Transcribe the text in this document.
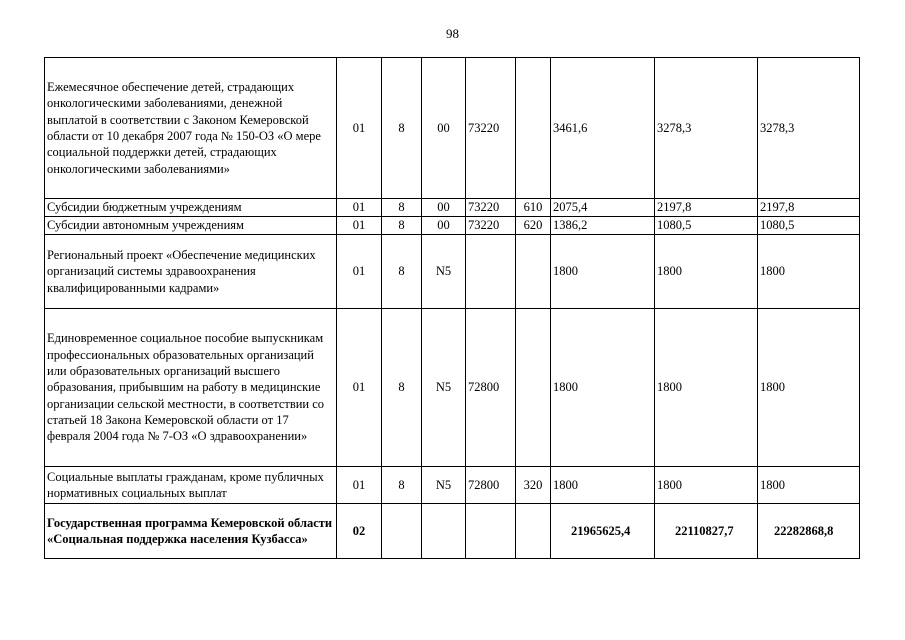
98
Ежемесячное обеспечение детей, страдающих онкологическими заболеваниями, денежной выплатой в соответствии с Законом Кемеровской области от 10 декабря 2007 года № 150-ОЗ «О мере социальной поддержки детей, страдающих онкологическими заболеваниями»	01	8	00	73220		3461,6	3278,3	3278,3
Субсидии бюджетным учреждениям	01	8	00	73220	610	2075,4	2197,8	2197,8
Субсидии автономным учреждениям	01	8	00	73220	620	1386,2	1080,5	1080,5
Региональный проект «Обеспечение медицинских организаций системы здравоохранения квалифицированными кадрами»	01	8	N5			1800	1800	1800
Единовременное социальное пособие выпускникам профессиональных образовательных организаций или образовательных организаций высшего образования, прибывшим на работу в медицинские организации сельской местности, в соответствии со статьей 18 Закона Кемеровской области от 17 февраля 2004 года № 7-ОЗ «О здравоохранении»	01	8	N5	72800		1800	1800	1800
Социальные выплаты гражданам, кроме публичных нормативных социальных выплат	01	8	N5	72800	320	1800	1800	1800
Государственная программа Кемеровской области «Социальная поддержка населения Кузбасса»	02					21965625,4	22110827,7	22282868,8
